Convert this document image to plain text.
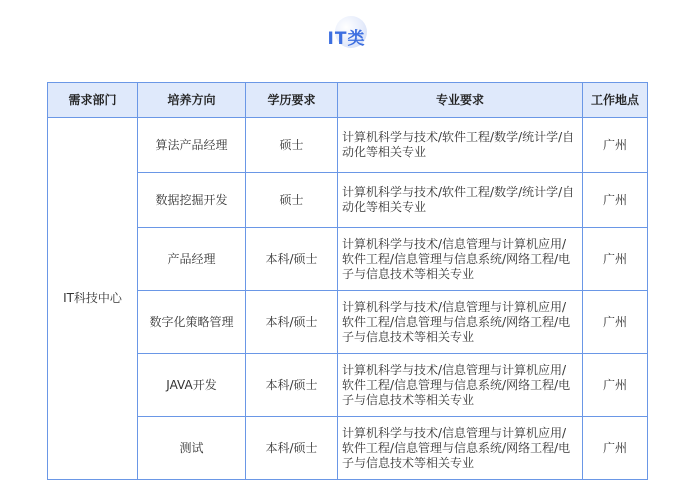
IT类
需求部门	培养方向	学历要求	专业要求	工作地点
IT科技中心	算法产品经理	硕士	计算机科学与技术/软件工程/数学/统计学/自动化等相关专业	广州
	数据挖掘开发	硕士	计算机科学与技术/软件工程/数学/统计学/自动化等相关专业	广州
	产品经理	本科/硕士	计算机科学与技术/信息管理与计算机应用/软件工程/信息管理与信息系统/网络工程/电子与信息技术等相关专业	广州
	数字化策略管理	本科/硕士	计算机科学与技术/信息管理与计算机应用/软件工程/信息管理与信息系统/网络工程/电子与信息技术等相关专业	广州
	JAVA开发	本科/硕士	计算机科学与技术/信息管理与计算机应用/软件工程/信息管理与信息系统/网络工程/电子与信息技术等相关专业	广州
	测试	本科/硕士	计算机科学与技术/信息管理与计算机应用/软件工程/信息管理与信息系统/网络工程/电子与信息技术等相关专业	广州
